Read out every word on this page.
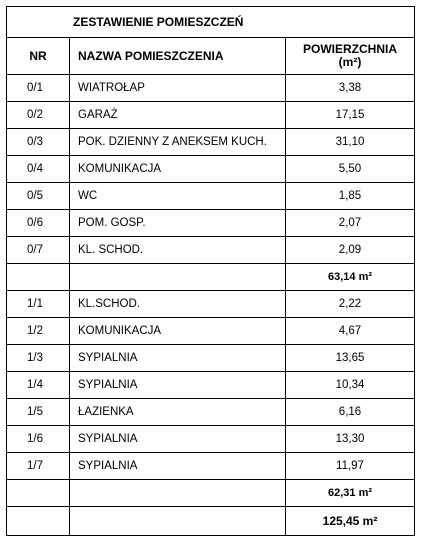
ZESTAWIENIE POMIESZCZEŃ		
NR	NAZWA POMIESZCZENIA	POWIERZCHNIA
(m²)
0/1	WIATROŁAP	3,38
0/2	GARAŻ	17,15
0/3	POK. DZIENNY Z ANEKSEM KUCH.	31,10
0/4	KOMUNIKACJA	5,50
0/5	WC	1,85
0/6	POM. GOSP.	2,07
0/7	KL. SCHOD.	2,09
		63,14 m²
1/1	KL.SCHOD.	2,22
1/2	KOMUNIKACJA	4,67
1/3	SYPIALNIA	13,65
1/4	SYPIALNIA	10,34
1/5	ŁAZIENKA	6,16
1/6	SYPIALNIA	13,30
1/7	SYPIALNIA	11,97
		62,31 m²
		125,45 m²
